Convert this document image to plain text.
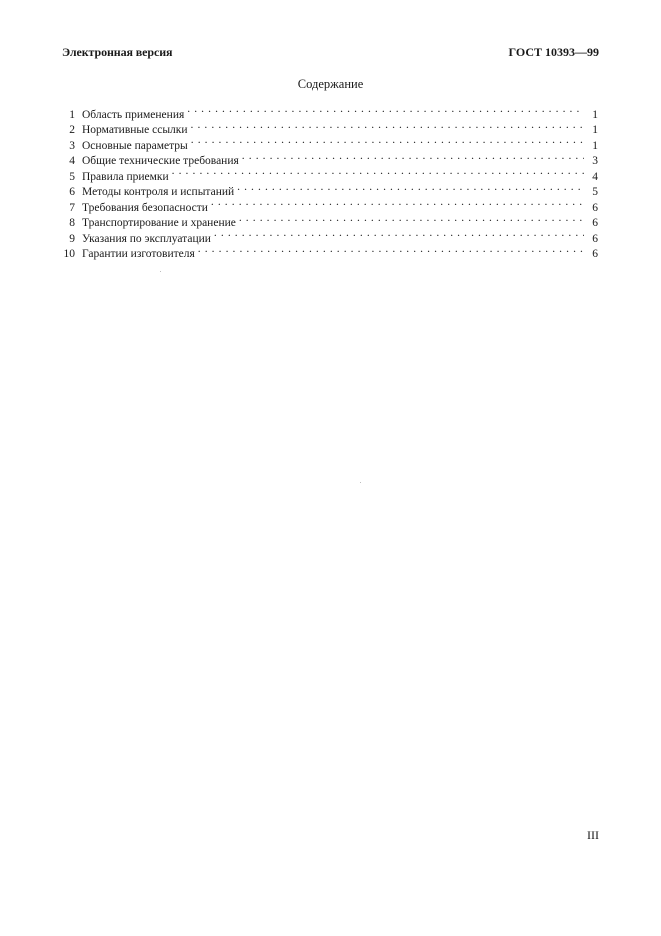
Электронная версия	ГОСТ 10393—99
Содержание
1 Область применения . . .	1
2 Нормативные ссылки . . .	1
3 Основные параметры . . .	1
4 Общие технические требования . . .	3
5 Правила приемки . . .	4
6 Методы контроля и испытаний . . .	5
7 Требования безопасности . . .	6
8 Транспортирование и хранение . . .	6
9 Указания по эксплуатации . . .	6
10 Гарантии изготовителя . . .	6
III
